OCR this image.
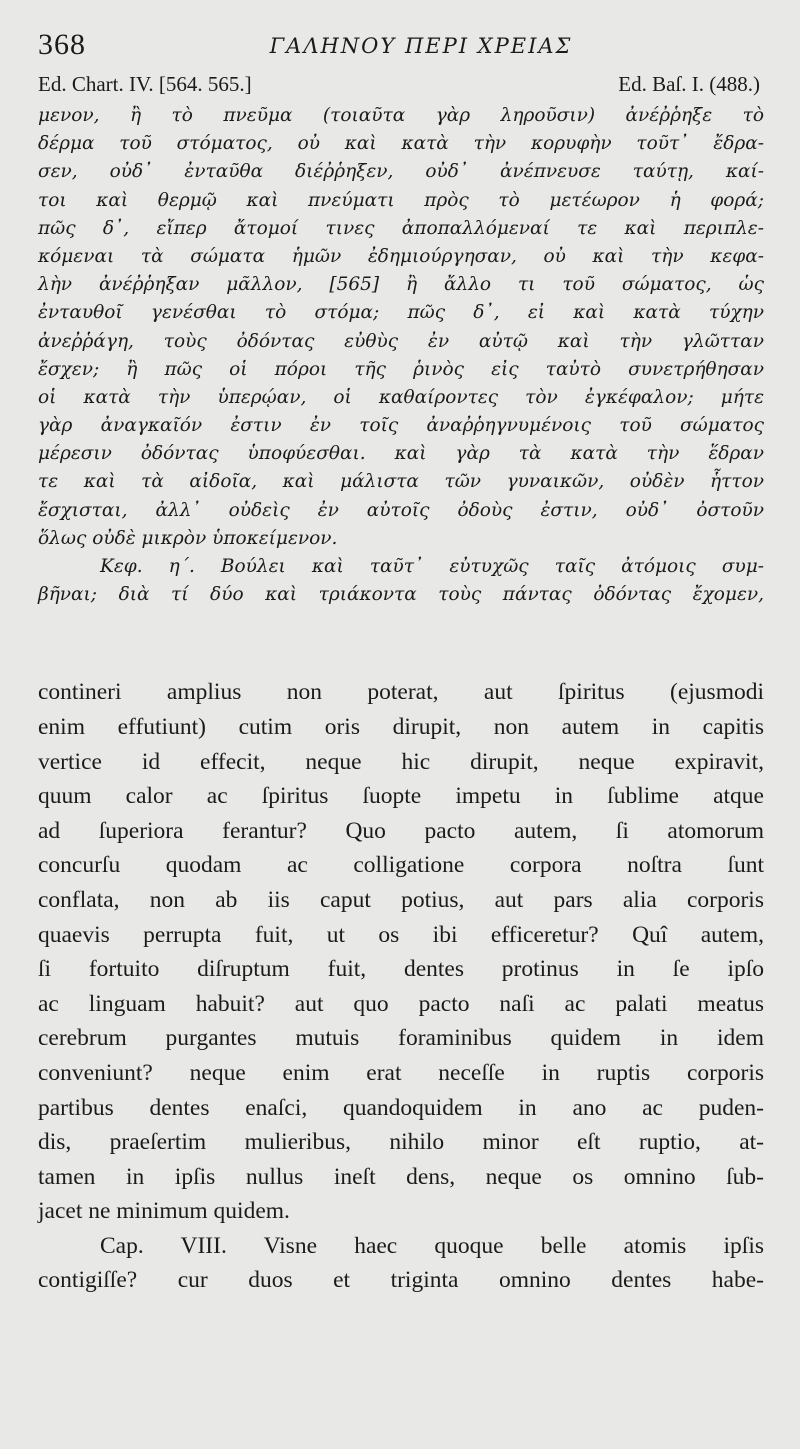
368	ΓΑΛΗΝΟΥ ΠΕΡΙ ΧΡΕΙΑΣ
Ed. Chart. IV. [564. 565.]	Ed. Baſ. I. (488.)
μενον, ἢ τὸ πνεῦμα (τοιαῦτα γὰρ ληροῦσιν) ἀνέῤῥηξε τὸ
δέρμα τοῦ στόματος, οὐ καὶ κατὰ τὴν κορυφὴν τοῦτ᾽ ἔδρα-
σεν, οὐδ᾽ ἐνταῦθα διέῤῥηξεν, οὐδ᾽ ἀνέπνευσε ταύτῃ, καί-
τοι καὶ θερμῷ καὶ πνεύματι πρὸς τὸ μετέωρον ἡ φορά;
πῶς δ᾽, εἴπερ ἄτομοί τινες ἀποπαλλόμεναί τε καὶ περιπλε-
κόμεναι τὰ σώματα ἡμῶν ἐδημιούργησαν, οὐ καὶ τὴν κεφα-
λὴν ἀνέῤῥηξαν μᾶλλον, [565] ἢ ἄλλο τι τοῦ σώματος, ὡς
ἐνταυθοῖ γενέσθαι τὸ στόμα; πῶς δ᾽, εἰ καὶ κατὰ τύχην
ἀνεῤῥάγη, τοὺς ὀδόντας εὐθὺς ἐν αὐτῷ καὶ τὴν γλῶτταν
ἔσχεν; ἢ πῶς οἱ πόροι τῆς ῥινὸς εἰς ταὐτὸ συνετρήθησαν
οἱ κατὰ τὴν ὑπερῴαν, οἱ καθαίροντες τὸν ἐγκέφαλον; μήτε
γὰρ ἀναγκαῖόν ἐστιν ἐν τοῖς ἀναῤῥηγνυμένοις τοῦ σώματος
μέρεσιν ὀδόντας ὑποφύεσθαι. καὶ γὰρ τὰ κατὰ τὴν ἕδραν
τε καὶ τὰ αἰδοῖα, καὶ μάλιστα τῶν γυναικῶν, οὐδὲν ἧττον
ἔσχισται, ἀλλ᾽ οὐδεὶς ἐν αὐτοῖς ὀδοὺς ἐστιν, οὐδ᾽ ὀστοῦν
ὅλως οὐδὲ μικρὸν ὑποκείμενον.
Κεφ. η΄. Βούλει καὶ ταῦτ᾽ εὐτυχῶς ταῖς ἀτόμοις συμ-
βῆναι; διὰ τί δύο καὶ τριάκοντα τοὺς πάντας ὀδόντας ἔχομεν,
contineri amplius non poterat, aut ſpiritus (ejusmodi
enim effutiunt) cutim oris dirupit, non autem in capitis
vertice id effecit, neque hic dirupit, neque expiravit,
quum calor ac ſpiritus ſuopte impetu in ſublime atque
ad ſuperiora ferantur? Quo pacto autem, ſi atomorum
concurſu quodam ac colligatione corpora noſtra ſunt
conflata, non ab iis caput potius, aut pars alia corporis
quaevis perrupta fuit, ut os ibi efficeretur? Quî autem,
ſi fortuito diſruptum fuit, dentes protinus in ſe ipſo
ac linguam habuit? aut quo pacto naſi ac palati meatus
cerebrum purgantes mutuis foraminibus quidem in idem
conveniunt? neque enim erat neceſſe in ruptis corporis
partibus dentes enaſci, quandoquidem in ano ac puden-
dis, praeſertim mulieribus, nihilo minor eſt ruptio, at-
tamen in ipſis nullus ineſt dens, neque os omnino ſub-
jacet ne minimum quidem.
Cap. VIII. Visne haec quoque belle atomis ipſis
contigiſſe? cur duos et triginta omnino dentes habe-
